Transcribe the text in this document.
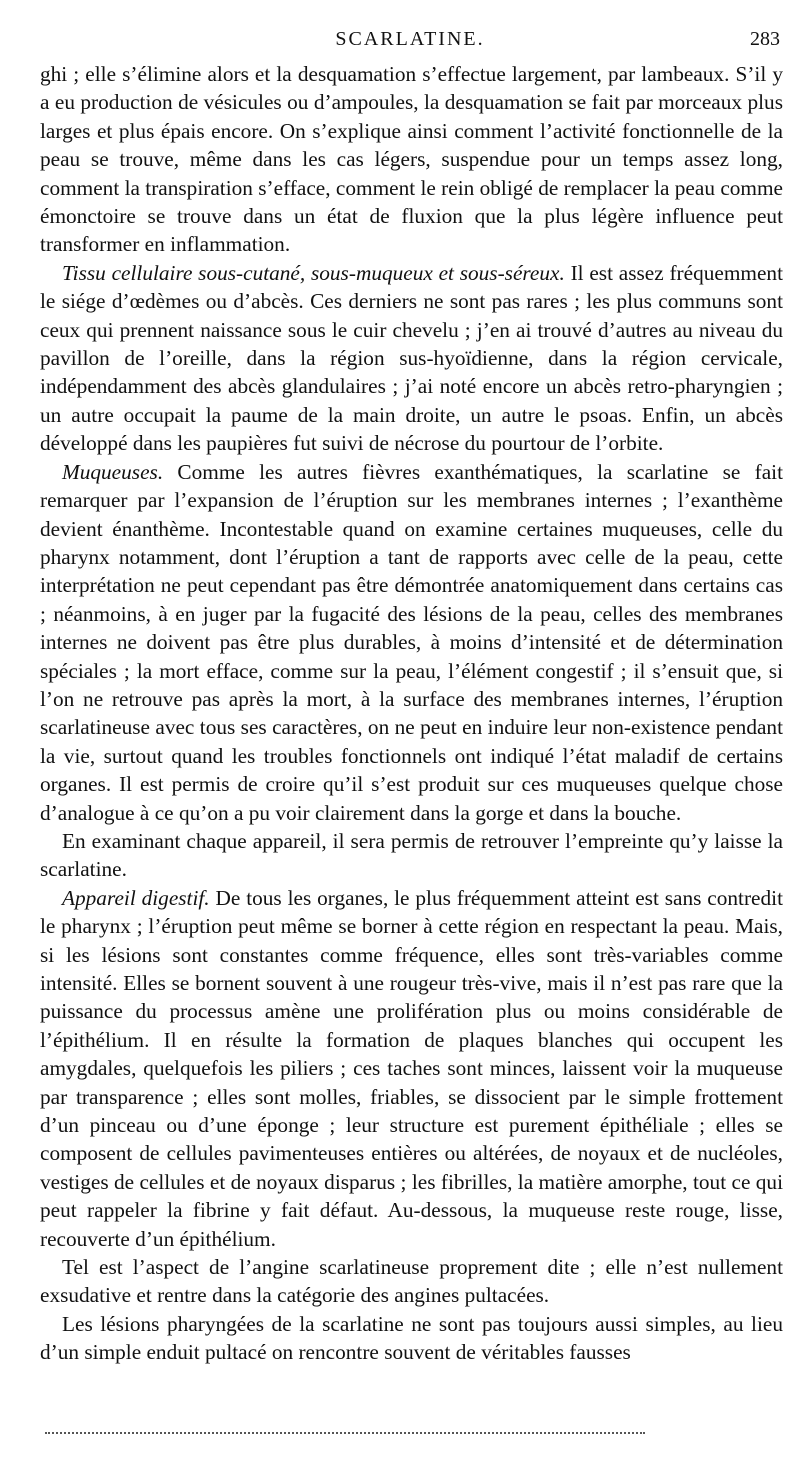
SCARLATINE.	283

ghi ; elle s’élimine alors et la desquamation s’effectue largement, par lambeaux. S’il y a eu production de vésicules ou d’ampoules, la desquamation se fait par morceaux plus larges et plus épais encore. On s’explique ainsi comment l’activité fonctionnelle de la peau se trouve, même dans les cas légers, suspendue pour un temps assez long, comment la transpiration s’efface, comment le rein obligé de remplacer la peau comme émonctoire se trouve dans un état de fluxion que la plus légère influence peut transformer en inflammation.

Tissu cellulaire sous-cutané, sous-muqueux et sous-séreux. Il est assez fréquemment le siége d’œdèmes ou d’abcès. Ces derniers ne sont pas rares ; les plus communs sont ceux qui prennent naissance sous le cuir chevelu ; j’en ai trouvé d’autres au niveau du pavillon de l’oreille, dans la région sus-hyoïdienne, dans la région cervicale, indépendamment des abcès glandulaires ; j’ai noté encore un abcès retro-pharyngien ; un autre occupait la paume de la main droite, un autre le psoas. Enfin, un abcès développé dans les paupières fut suivi de nécrose du pourtour de l’orbite.

Muqueuses. Comme les autres fièvres exanthématiques, la scarlatine se fait remarquer par l’expansion de l’éruption sur les membranes internes ; l’exanthème devient énanthème. Incontestable quand on examine certaines muqueuses, celle du pharynx notamment, dont l’éruption a tant de rapports avec celle de la peau, cette interprétation ne peut cependant pas être démontrée anatomiquement dans certains cas ; néanmoins, à en juger par la fugacité des lésions de la peau, celles des membranes internes ne doivent pas être plus durables, à moins d’intensité et de détermination spéciales ; la mort efface, comme sur la peau, l’élément congestif ; il s’ensuit que, si l’on ne retrouve pas après la mort, à la surface des membranes internes, l’éruption scarlatineuse avec tous ses caractères, on ne peut en induire leur non-existence pendant la vie, surtout quand les troubles fonctionnels ont indiqué l’état maladif de certains organes. Il est permis de croire qu’il s’est produit sur ces muqueuses quelque chose d’analogue à ce qu’on a pu voir clairement dans la gorge et dans la bouche.

En examinant chaque appareil, il sera permis de retrouver l’empreinte qu’y laisse la scarlatine.

Appareil digestif. De tous les organes, le plus fréquemment atteint est sans contredit le pharynx ; l’éruption peut même se borner à cette région en respectant la peau. Mais, si les lésions sont constantes comme fréquence, elles sont très-variables comme intensité. Elles se bornent souvent à une rougeur très-vive, mais il n’est pas rare que la puissance du processus amène une prolifération plus ou moins considérable de l’épithélium. Il en résulte la formation de plaques blanches qui occupent les amygdales, quelquefois les piliers ; ces taches sont minces, laissent voir la muqueuse par transparence ; elles sont molles, friables, se dissocient par le simple frottement d’un pinceau ou d’une éponge ; leur structure est purement épithéliale ; elles se composent de cellules pavimenteuses entières ou altérées, de noyaux et de nucléoles, vestiges de cellules et de noyaux disparus ; les fibrilles, la matière amorphe, tout ce qui peut rappeler la fibrine y fait défaut. Au-dessous, la muqueuse reste rouge, lisse, recouverte d’un épithélium.

Tel est l’aspect de l’angine scarlatineuse proprement dite ; elle n’est nullement exsudative et rentre dans la catégorie des angines pultacées.

Les lésions pharyngées de la scarlatine ne sont pas toujours aussi simples, au lieu d’un simple enduit pultacé on rencontre souvent de véritables fausses
